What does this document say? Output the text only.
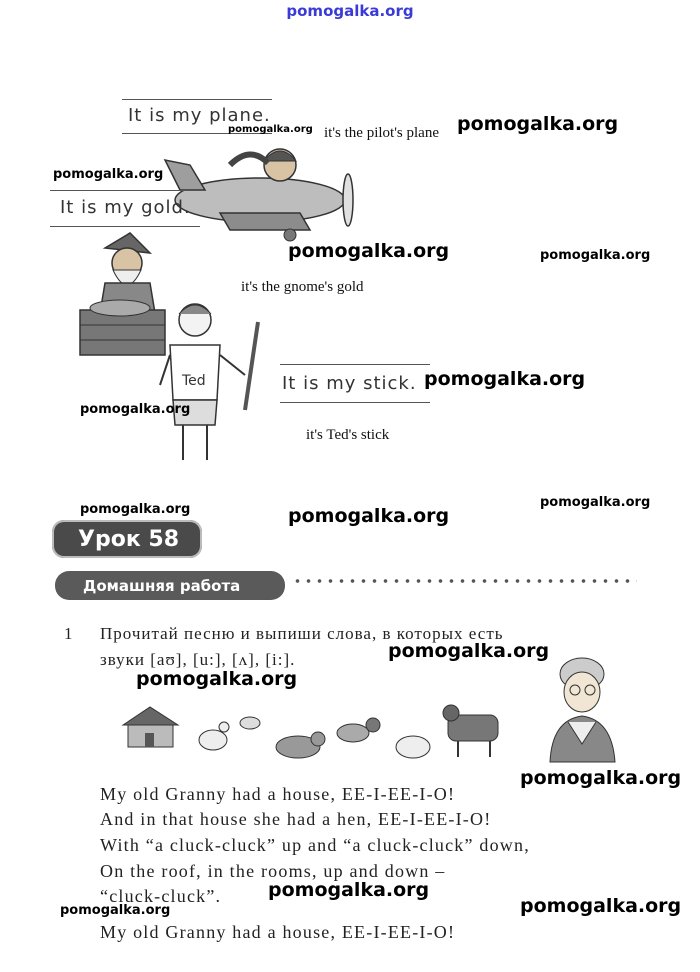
pomogalka.org
It is my plane.
pomogalka.org it's the pilot's plane pomogalka.org
pomogalka.org
It is my gold.
pomogalka.org	pomogalka.org
it's the gnome's gold
Ted	It is my stick. pomogalka.org
pomogalka.org
it's Ted's stick
pomogalka.org	pomogalka.org
pomogalka.org
Урок 58
Домашняя работа
1 Прочитай песню и выпиши слова, в которых есть
звуки [aʊ], [u:], [ʌ], [i:].	pomogalka.org
pomogalka.org
pomogalka.org
My old Granny had a house, EE-I-EE-I-O!
And in that house she had a hen, EE-I-EE-I-O!
With “a cluck-cluck” up and “a cluck-cluck” down,
On the roof, in the rooms, up and down –
“cluck-cluck”.
My old Granny had a house, EE-I-EE-I-O!
pomogalka.org
pomogalka.org	pomogalka.org
